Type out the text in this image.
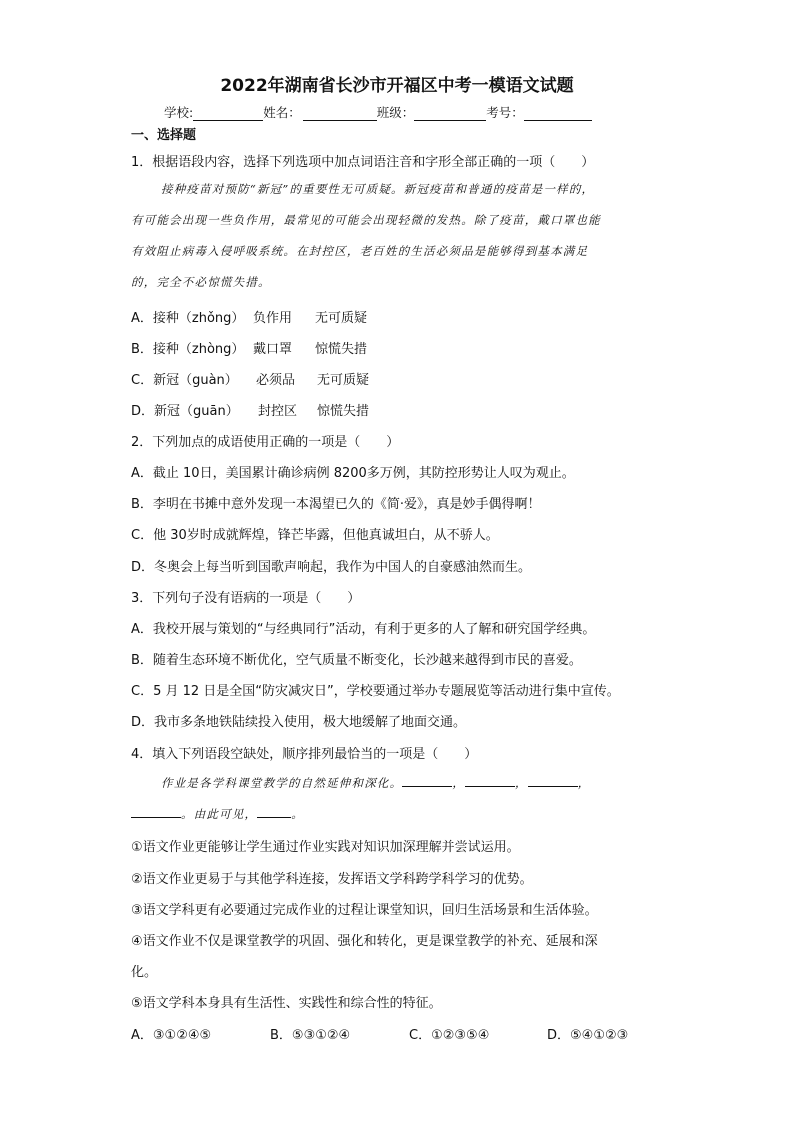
2022年湖南省长沙市开福区中考一模语文试题
学校:	姓名：	班级：	考号：
一、选择题
1．根据语段内容，选择下列选项中加点词语注音和字形全部正确的一项（　　）
接种疫苗对预防“新冠”的重要性无可质疑。新冠疫苗和普通的疫苗是一样的，
有可能会出现一些负作用，最常见的可能会出现轻微的发热。除了疫苗，戴口罩也能
有效阻止病毒入侵呼吸系统。在封控区，老百姓的生活必须品是能够得到基本满足
的，完全不必惊慌失措。
A．接种（zhǒng） 负作用 无可质疑
B．接种（zhòng） 戴口罩 惊慌失措
C．新冠（guàn） 必须品 无可质疑
D．新冠（guān） 封控区 惊慌失措
2．下列加点的成语使用正确的一项是（　　）
A．截止 10日，美国累计确诊病例 8200多万例，其防控形势让人叹为观止。
B．李明在书摊中意外发现一本渴望已久的《简·爱》，真是妙手偶得啊！
C．他 30岁时成就辉煌，锋芒毕露，但他真诚坦白，从不骄人。
D．冬奥会上每当听到国歌声响起，我作为中国人的自豪感油然而生。
3．下列句子没有语病的一项是（　　）
A．我校开展与策划的“与经典同行”活动，有利于更多的人了解和研究国学经典。
B．随着生态环境不断优化，空气质量不断变化，长沙越来越得到市民的喜爱。
C．5 月 12 日是全国“防灾减灾日”，学校要通过举办专题展览等活动进行集中宣传。
D．我市多条地铁陆续投入使用，极大地缓解了地面交通。
4．填入下列语段空缺处，顺序排列最恰当的一项是（　　）
作业是各学科课堂教学的自然延伸和深化。	，	，	，
。由此可见，	。
①语文作业更能够让学生通过作业实践对知识加深理解并尝试运用。
②语文作业更易于与其他学科连接，发挥语文学科跨学科学习的优势。
③语文学科更有必要通过完成作业的过程让课堂知识，回归生活场景和生活体验。
④语文作业不仅是课堂教学的巩固、强化和转化，更是课堂教学的补充、延展和深
化。
⑤语文学科本身具有生活性、实践性和综合性的特征。
A．③①②④⑤	B．⑤③①②④	C．①②③⑤④	D．⑤④①②③
